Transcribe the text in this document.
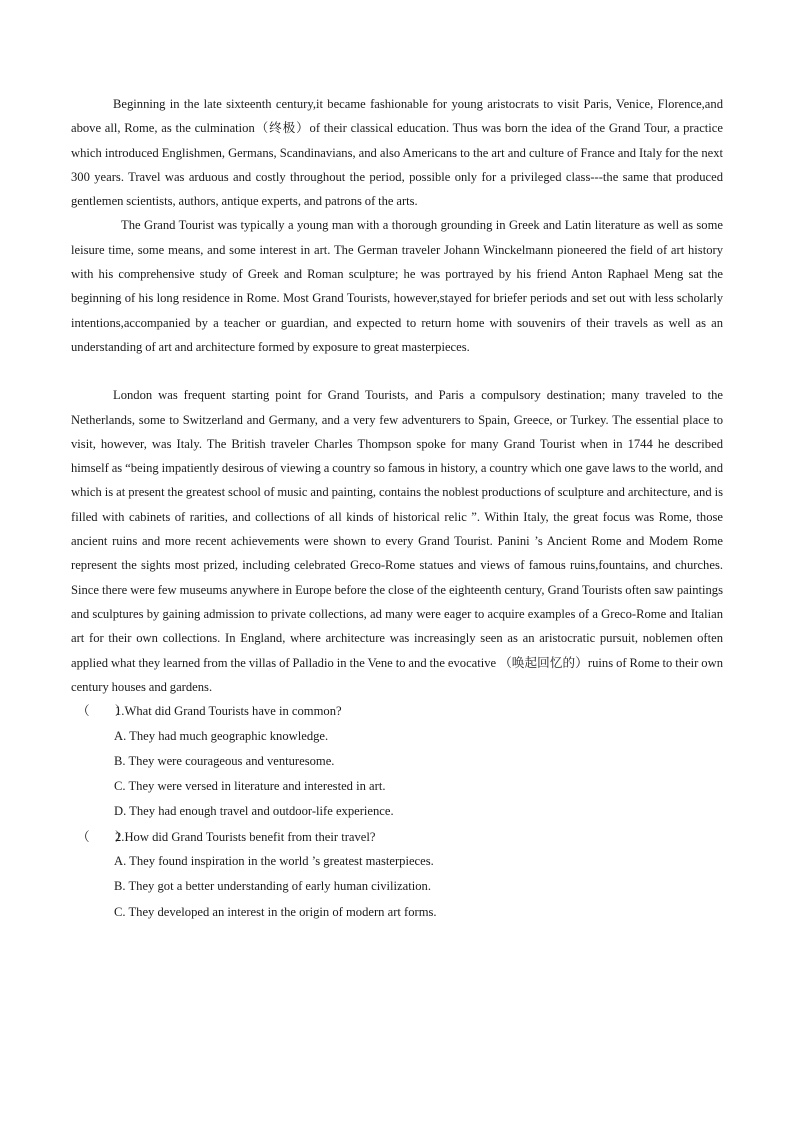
Beginning in the late sixteenth century,it became fashionable for young aristocrats to visit Paris, Venice, Florence,and above all, Rome, as the culmination（终极）of their classical education. Thus was born the idea of the Grand Tour, a practice which introduced Englishmen, Germans, Scandinavians, and also Americans to the art and culture of France and Italy for the next 300 years. Travel was arduous and costly throughout the period, possible only for a privileged class---the same that produced gentlemen scientists, authors, antique experts, and patrons of the arts.

The Grand Tourist was typically a young man with a thorough grounding in Greek and Latin literature as well as some leisure time, some means, and some interest in art. The German traveler Johann Winckelmann pioneered the field of art history with his comprehensive study of Greek and Roman sculpture; he was portrayed by his friend Anton Raphael Meng sat the beginning of his long residence in Rome. Most Grand Tourists, however,stayed for briefer periods and set out with less scholarly intentions,accompanied by a teacher or guardian, and expected to return home with souvenirs of their travels as well as an understanding of art and architecture formed by exposure to great masterpieces.

London was frequent starting point for Grand Tourists, and Paris a compulsory destination; many traveled to the Netherlands, some to Switzerland and Germany, and a very few adventurers to Spain, Greece, or Turkey. The essential place to visit, however, was Italy. The British traveler Charles Thompson spoke for many Grand Tourist when in 1744 he described himself as “being impatiently desirous of viewing a country so famous in history, a country which one gave laws to the world, and which is at present the greatest school of music and painting, contains the noblest productions of sculpture and architecture, and is filled with cabinets of rarities, and collections of all kinds of historical relic ”. Within Italy, the great focus was Rome, those ancient ruins and more recent achievements were shown to every Grand Tourist. Panini ’s Ancient Rome and Modem Rome represent the sights most prized, including celebrated Greco-Rome statues and views of famous ruins,fountains, and churches. Since there were few museums anywhere in Europe before the close of the eighteenth century, Grand Tourists often saw paintings and sculptures by gaining admission to private collections, ad many were eager to acquire examples of a Greco-Rome and Italian art for their own collections. In England, where architecture was increasingly seen as an aristocratic pursuit, noblemen often applied what they learned from the villas of Palladio in the Vene to and the evocative （唤起回忆的）ruins of Rome to their own century houses and gardens.

（　　）1.What did Grand Tourists have in common?

A. They had much geographic knowledge.
B. They were courageous and venturesome.
C. They were versed in literature and interested in art.
D. They had enough travel and outdoor-life experience.

（　　）2.How did Grand Tourists benefit from their travel?

A. They found inspiration in the world ’s greatest masterpieces.
B. They got a better understanding of early human civilization.
C. They developed an interest in the origin of modern art forms.
